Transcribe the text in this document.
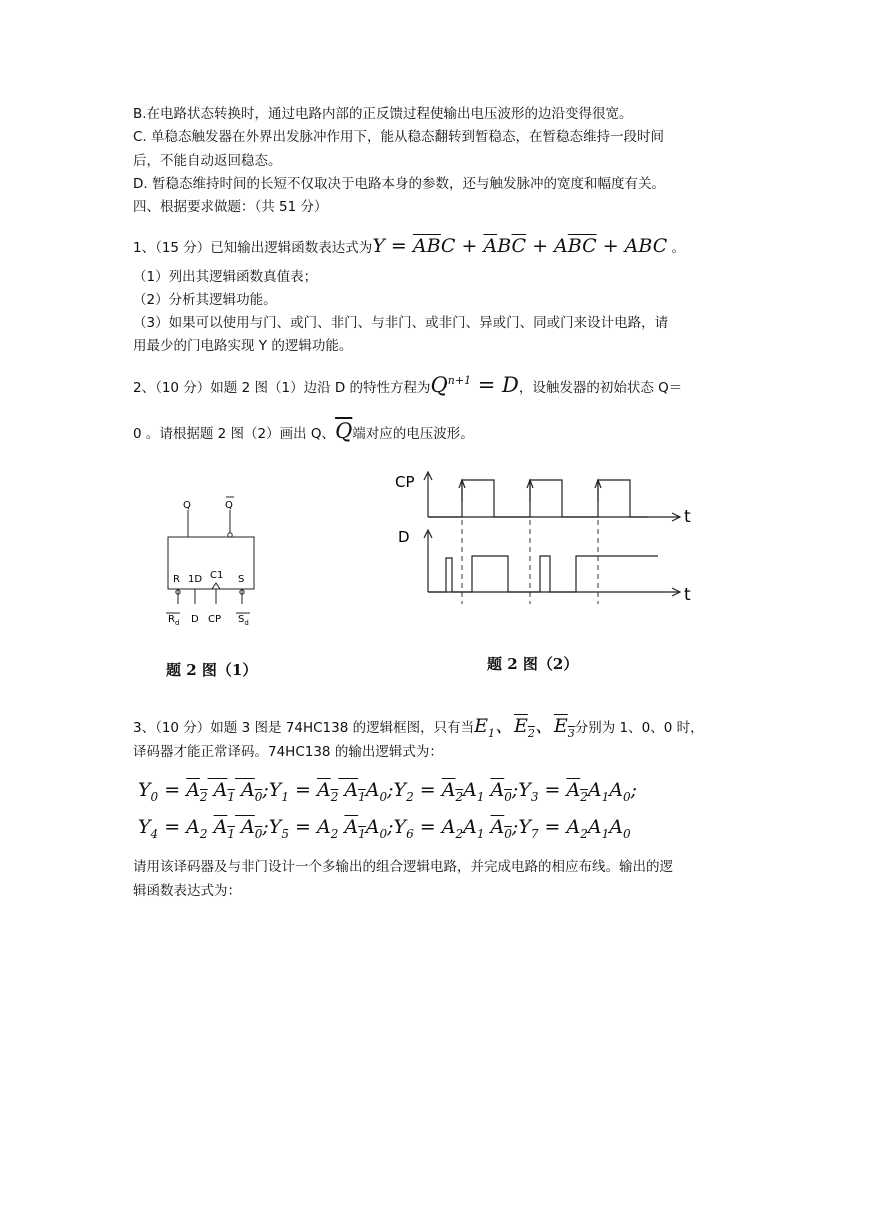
B.在电路状态转换时，通过电路内部的正反馈过程使输出电压波形的边沿变得很宽。
C. 单稳态触发器在外界出发脉冲作用下，能从稳态翻转到暂稳态，在暂稳态维持一段时间
后，不能自动返回稳态。
D. 暂稳态维持时间的长短不仅取决于电路本身的参数，还与触发脉冲的宽度和幅度有关。
四、根据要求做题：（共 51 分）
1、（15 分）已知输出逻辑函数表达式为$Y = \overline{AB}C + \overline{A}B\overline{C} + A\overline{BC}$ + ABC 。
（1）列出其逻辑函数真值表；
（2）分析其逻辑功能。
（3）如果可以使用与门、或门、非门、与非门、或非门、异或门、同或门来设计电路，请
用最少的门电路实现 Y 的逻辑功能。
2、（10 分）如题 2 图（1）边沿 D 的特性方程为$Q^{n+1} = D$，设触发器的初始状态 Q＝
0 。请根据题 2 图（2）画出 Q、$\overline{Q}$端对应的电压波形。
Q	Q
R 1D C1 S
$R_d$ D CP $S_d$
题 2 图（1）
CP
D
t
t
题 2 图（2）
3、（10 分）如题 3 图是 74HC138 的逻辑框图，只有当$E_1$、$E_2$、$E_3$分别为 1、0、0 时，
译码器才能正常译码。74HC138 的输出逻辑式为：
$Y_0 = A_2$ $A_1$ $A_0;Y_1 = A_2$ $A_1A_0;Y_2 = A_2A_1$ $A_0;Y_3 = A_2A_1A_0$;
$Y_4 = A_2$ $A_1$ $A_0;Y_5 = A_2$ $A_1A_0;Y_6 = A_2A_1$ $A_0;Y_7 = A_2A_1A_0$
请用该译码器及与非门设计一个多输出的组合逻辑电路，并完成电路的相应布线。输出的逻
辑函数表达式为：
